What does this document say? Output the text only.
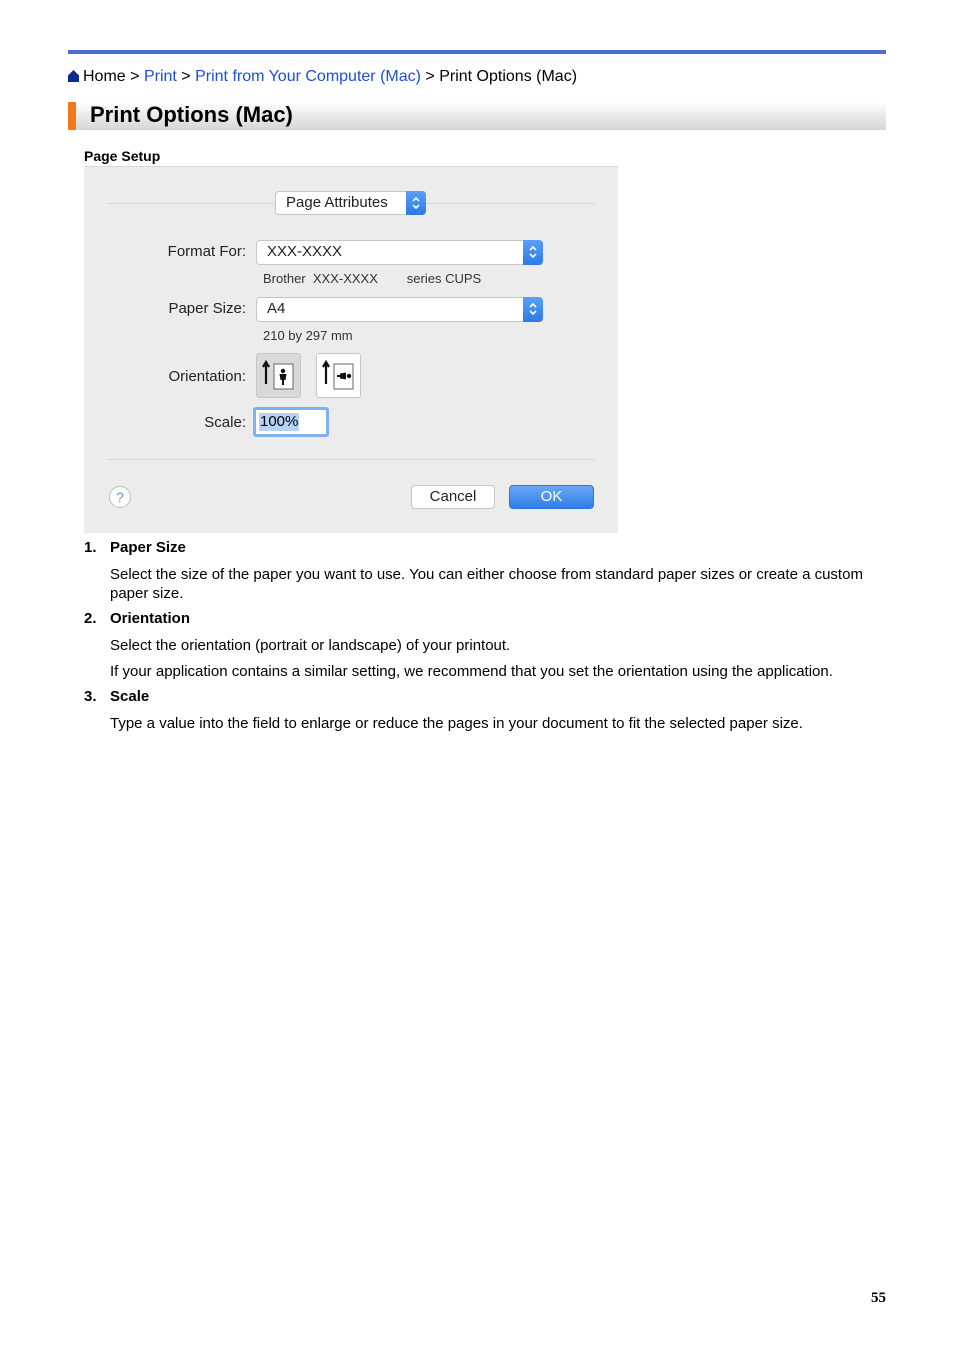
Home > Print > Print from Your Computer (Mac) > Print Options (Mac)
Print Options (Mac)
Page Setup
Page Attributes
Format For:	XXX-XXXX
Brother  XXX-XXXX        series CUPS
Paper Size:	A4
210 by 297 mm
Orientation:
Scale: 100%
?	Cancel	OK
1. Paper Size
Select the size of the paper you want to use. You can either choose from standard paper sizes or create a custom paper size.
2. Orientation
Select the orientation (portrait or landscape) of your printout.
If your application contains a similar setting, we recommend that you set the orientation using the application.
3. Scale
Type a value into the field to enlarge or reduce the pages in your document to fit the selected paper size.
55
